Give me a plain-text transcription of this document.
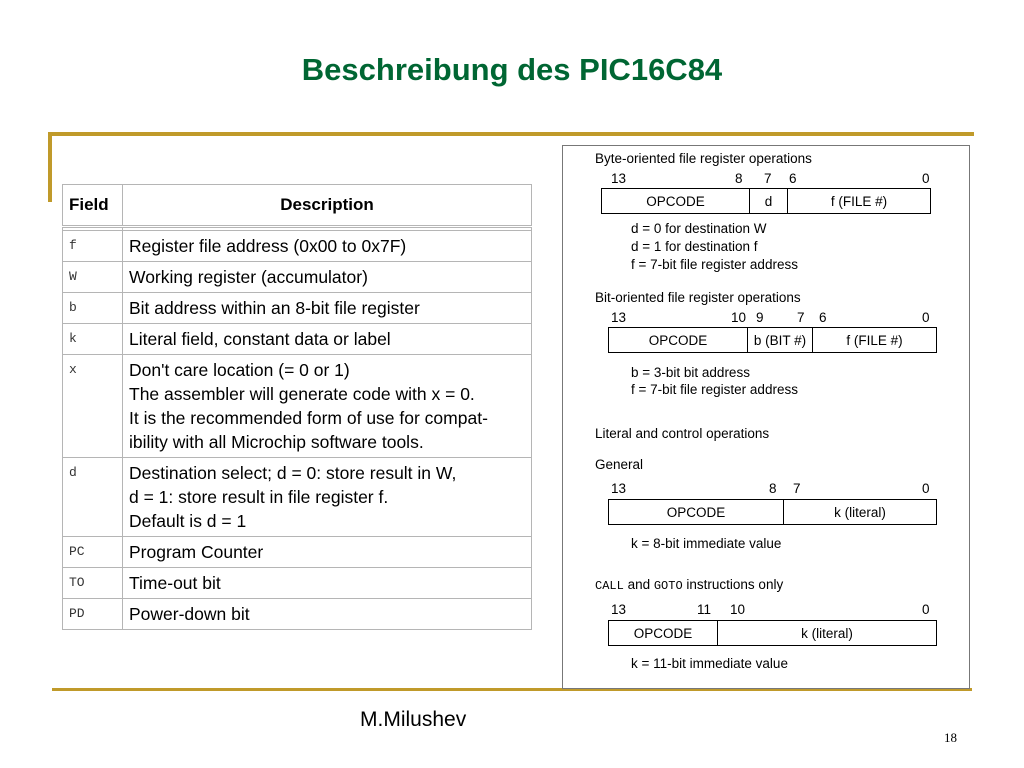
Beschreibung des PIC16C84
Field	Description

f	Register file address (0x00 to 0x7F)

W	Working register (accumulator)

b	Bit address within an 8-bit file register

k	Literal field, constant data or label

x	Don't care location (= 0 or 1)
The assembler will generate code with x = 0.
It is the recommended form of use for compat-
ibility with all Microchip software tools.

d	Destination select; d = 0: store result in W,
d = 1: store result in file register f.
Default is d = 1

PC	Program Counter

TO	Time-out bit

PD	Power-down bit
Byte-oriented file register operations
13	8 7 6	0
OPCODE	d	f (FILE #)
d = 0 for destination W
d = 1 for destination f
f = 7-bit file register address
Bit-oriented file register operations
13	10 9 7 6	0
OPCODE	b (BIT #)	f (FILE #)
b = 3-bit bit address
f = 7-bit file register address
Literal and control operations
General
13	8 7	0
OPCODE	k (literal)
k = 8-bit immediate value
CALL and GOTO instructions only
13	11 10	0
OPCODE	k (literal)
k = 11-bit immediate value
M.Milushev
18
